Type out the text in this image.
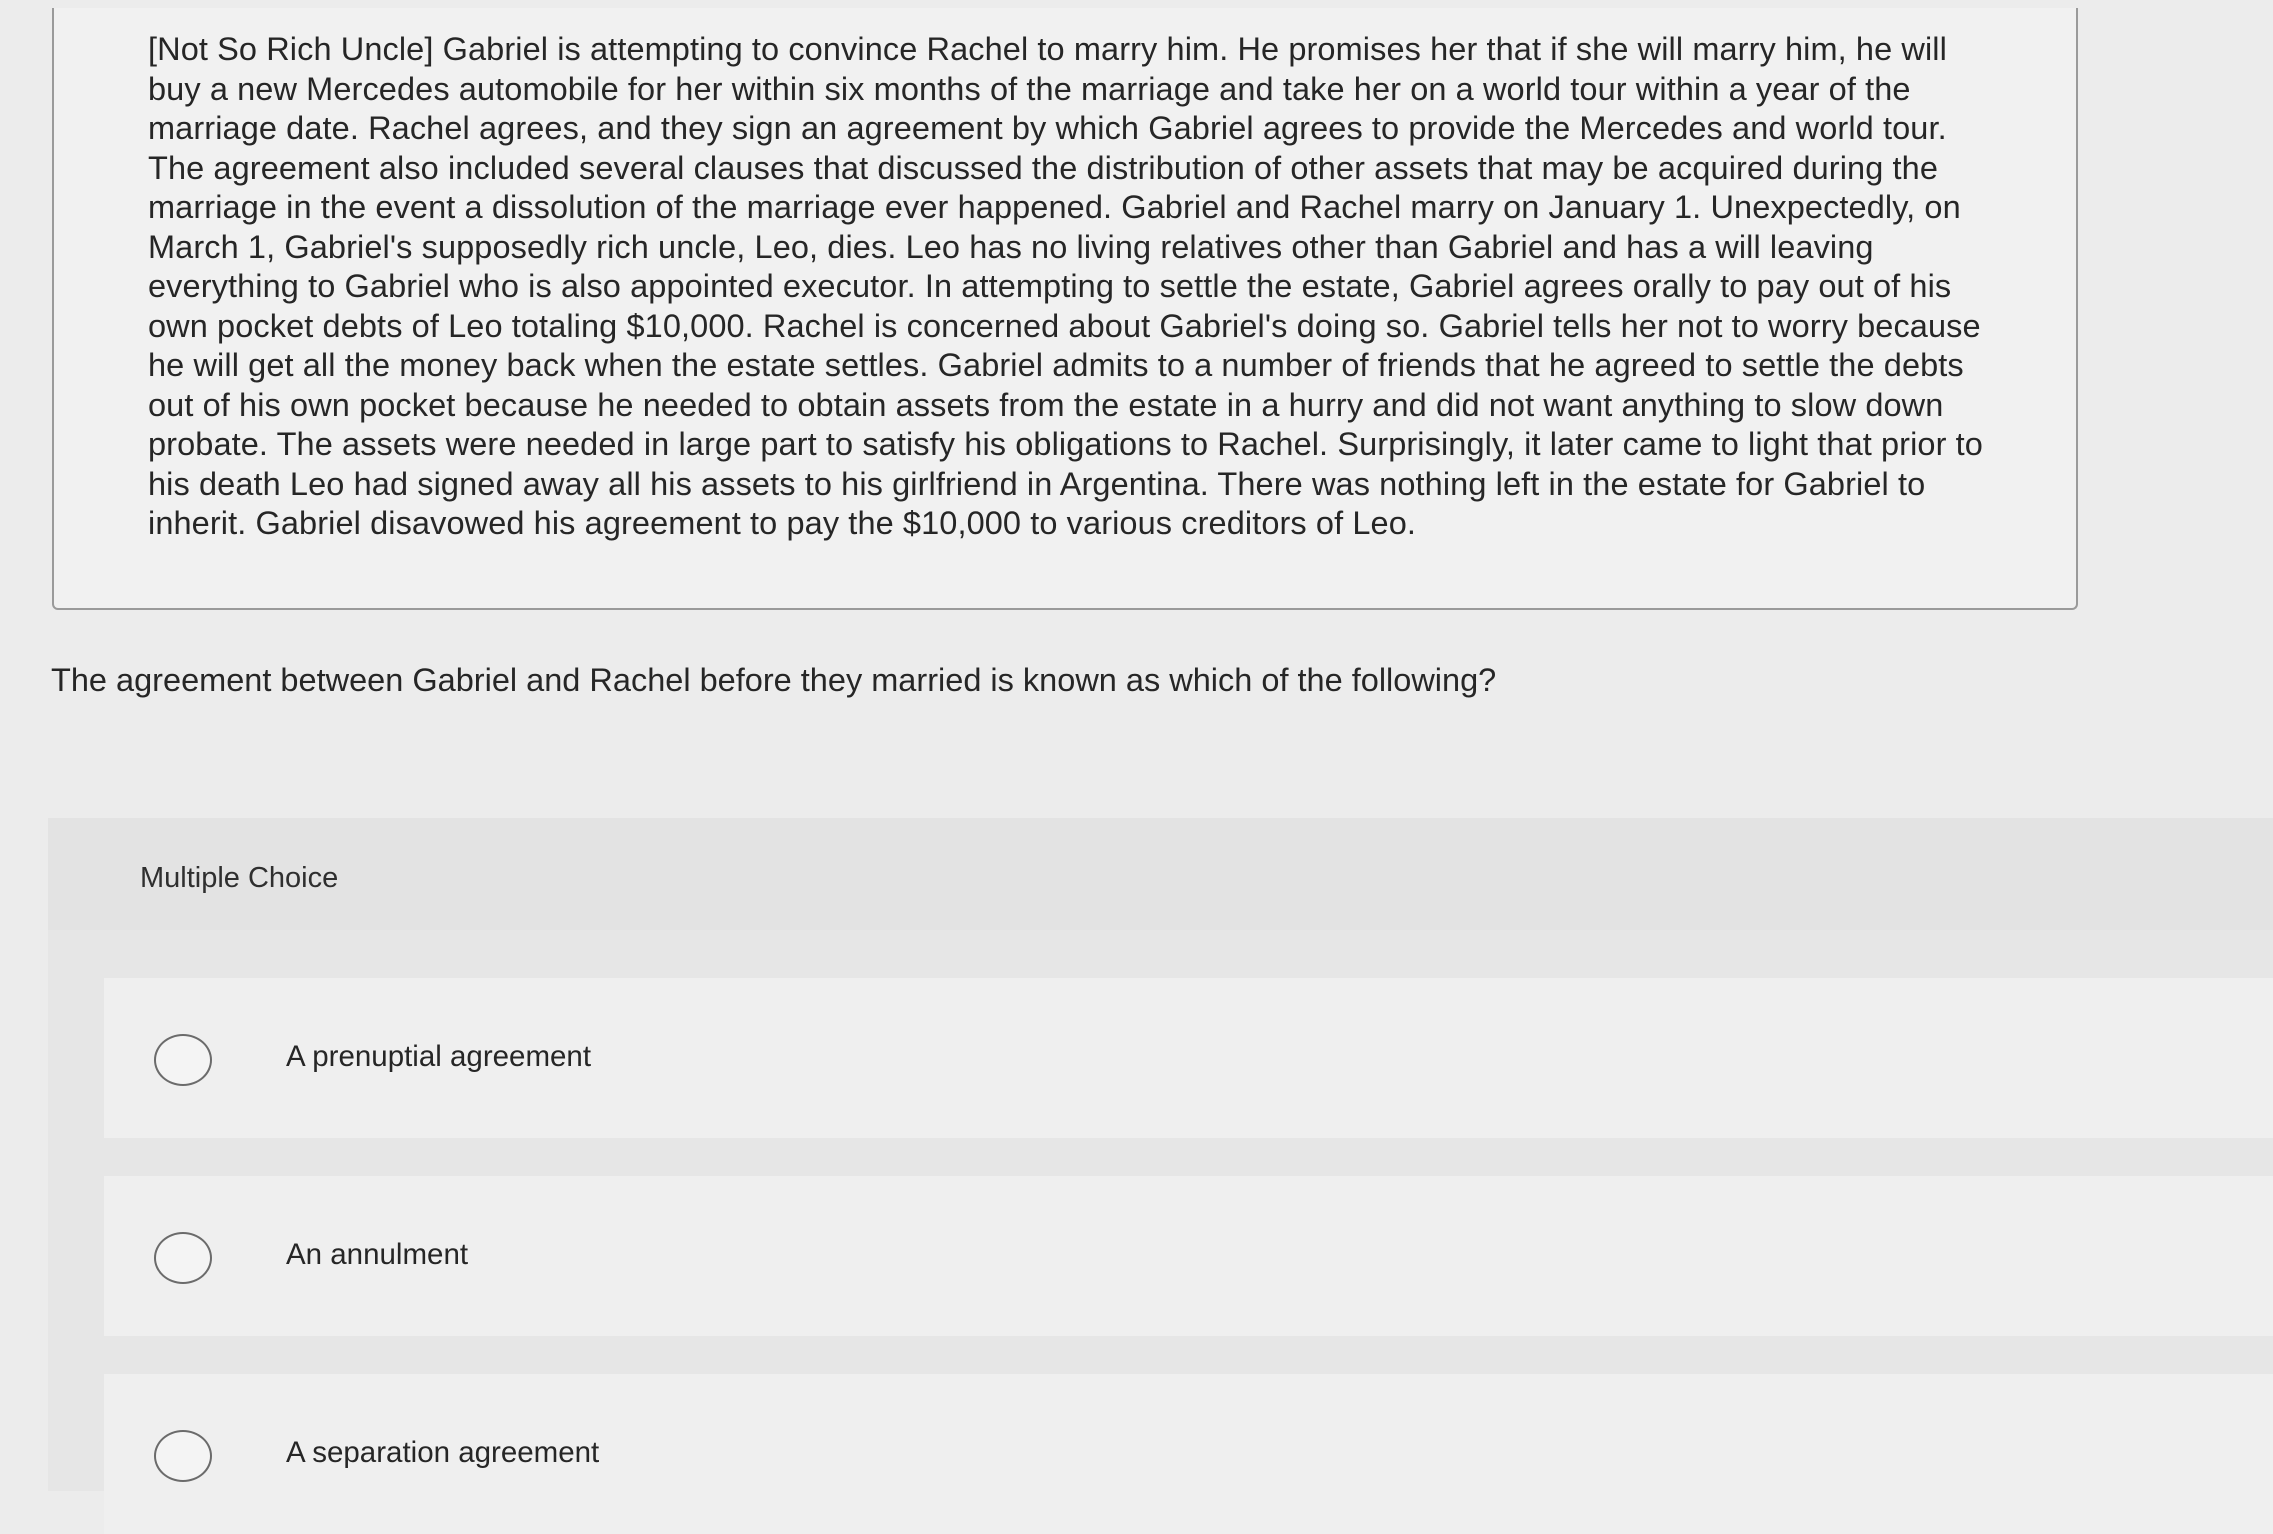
[Not So Rich Uncle] Gabriel is attempting to convince Rachel to marry him. He promises her that if she will marry him, he will buy a new Mercedes automobile for her within six months of the marriage and take her on a world tour within a year of the marriage date. Rachel agrees, and they sign an agreement by which Gabriel agrees to provide the Mercedes and world tour. The agreement also included several clauses that discussed the distribution of other assets that may be acquired during the marriage in the event a dissolution of the marriage ever happened. Gabriel and Rachel marry on January 1. Unexpectedly, on March 1, Gabriel's supposedly rich uncle, Leo, dies. Leo has no living relatives other than Gabriel and has a will leaving everything to Gabriel who is also appointed executor. In attempting to settle the estate, Gabriel agrees orally to pay out of his own pocket debts of Leo totaling $10,000. Rachel is concerned about Gabriel's doing so. Gabriel tells her not to worry because he will get all the money back when the estate settles. Gabriel admits to a number of friends that he agreed to settle the debts out of his own pocket because he needed to obtain assets from the estate in a hurry and did not want anything to slow down probate. The assets were needed in large part to satisfy his obligations to Rachel. Surprisingly, it later came to light that prior to his death Leo had signed away all his assets to his girlfriend in Argentina. There was nothing left in the estate for Gabriel to inherit. Gabriel disavowed his agreement to pay the $10,000 to various creditors of Leo.

The agreement between Gabriel and Rachel before they married is known as which of the following?

Multiple Choice
A prenuptial agreement
An annulment
A separation agreement
